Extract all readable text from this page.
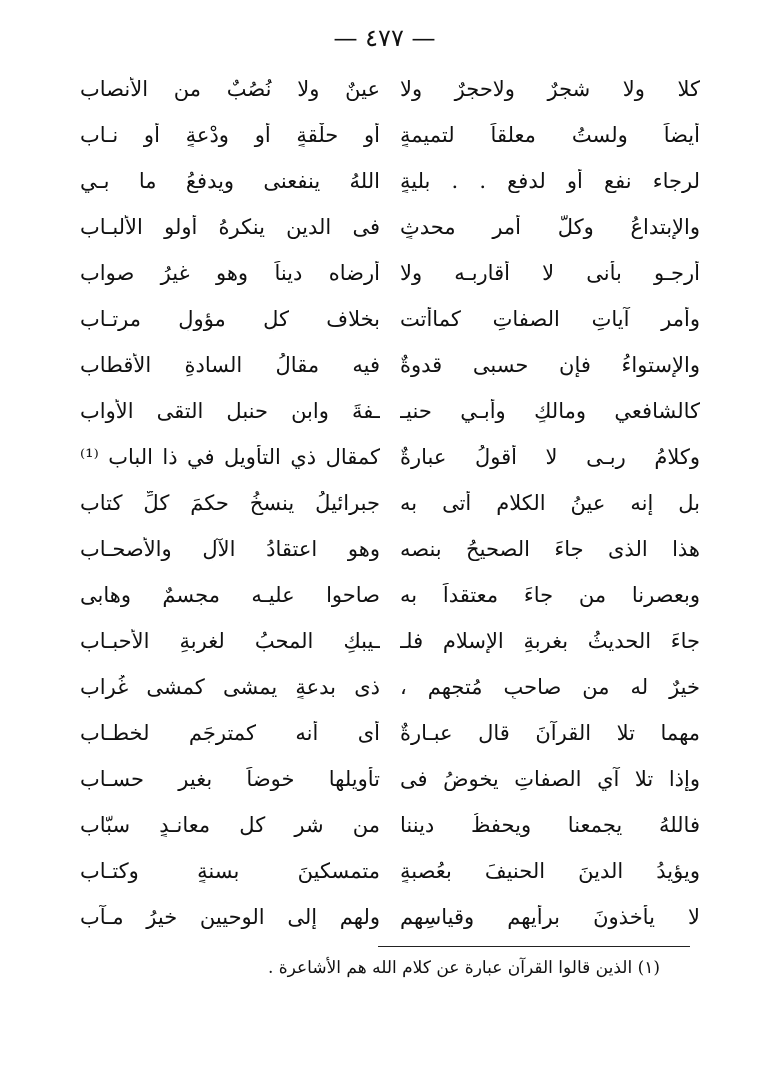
— ٤٧٧ —
كلا ولا شجرٌ ولاحجرٌ ولا
عينٌ ولا نُصُبٌ من الأنصاب
أيضاً ولستُ معلقاً لتميمةٍ
أو حلْقةٍ أو ودْعةٍ أو نـاب
لرجاء نفع أو لدفع . . بليةٍ
اللهُ ينفعنى ويدفعُ ما بـي
والإبتداعُ وكلُّ أمرٍ محدثٍ
فى الدينِ ينكرهُ أولو الألبـاب
أرجـو بأنى لا أقاربـه ولا
أرضاه ديناً وهو غيرُ صواب
وأمر آياتِ الصفاتِ كماأتت
بخلاف كلِ مؤولٍ مرتـاب
والإستواءُ فإن حسبى قدوةٌ
فيه مقالُ السادةِ الأقطاب
كالشافعي ومالكٍ وأبـي حنيـ
ـفةَ وابنِ حنبلِ التقى الأواب
وكلامُ ربـى لا أقولُ عبارةٌ
كمقالِ ذي التأويلِ في ذا الباب ⁽¹⁾
بل إنه عينُ الكلامِ أتى به
جبرائيلُ ينسخُ حكمَ كلِّ كتاب
هذا الذى جاءَ الصحيحُ بنصه
وهو اعتقادُ الآلِ والأصحـاب
وبعصرنا من جاءَ معتقداً به
صاحوا عليـه مجسمٌ وهابى
جاءَ الحديثُ بغربةِ الإسلامِ فلـ
ـيبكِ المحبُ لغربةِ الأحبـاب
خيرٌ له من صاحبٍ مُتجهمٍ ،
ذى بدعةٍ يمشى كمشى غُراب
مهما تلا القرآنَ قال عبـارةٌ
أى أنه كمترجَمٍ لخطـاب
وإذا تلا آي الصفاتِ يخوضُ فى
تأويلها خوضاً بغيرِ حسـاب
فاللهُ يجمعنا ويحفظُ ديننا
من شر كلِ معانـدٍ سبّاب
ويؤيدُ الدينَ الحنيفَ بعُصبةٍ
متمسكينَ بسنةٍ وكتـاب
لا يأخذونَ برأيهم وقياسِهم
ولهم إلى الوحيينِ خيرُ مـآب
(١) الذين قالوا القرآن عبارة عن كلام الله هم الأشاعرة .
